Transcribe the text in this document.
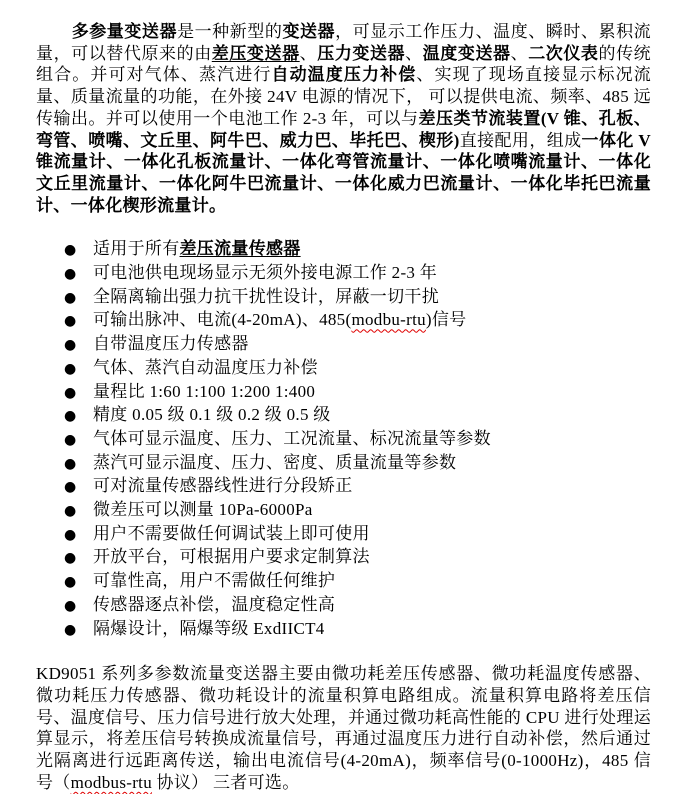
多参量变送器是一种新型的变送器，可显示工作压力、温度、瞬时、累积流量，可以替代原来的由差压变送器、压力变送器、温度变送器、二次仪表的传统组合。并可对气体、蒸汽进行自动温度压力补偿、实现了现场直接显示标况流量、质量流量的功能，在外接 24V 电源的情况下， 可以提供电流、频率、485 远传输出。并可以使用一个电池工作 2-3 年，可以与差压类节流装置(V 锥、孔板、弯管、喷嘴、文丘里、阿牛巴、威力巴、毕托巴、楔形)直接配用，组成一体化 V 锥流量计、一体化孔板流量计、一体化弯管流量计、一体化喷嘴流量计、一体化文丘里流量计、一体化阿牛巴流量计、一体化威力巴流量计、一体化毕托巴流量计、一体化楔形流量计。

● 适用于所有差压流量传感器
● 可电池供电现场显示无须外接电源工作 2-3 年
● 全隔离输出强力抗干扰性设计，屏蔽一切干扰
● 可输出脉冲、电流(4-20mA)、485(modbu-rtu)信号
● 自带温度压力传感器
● 气体、蒸汽自动温度压力补偿
● 量程比 1:60 1:100 1:200 1:400
● 精度 0.05 级 0.1 级 0.2 级 0.5 级
● 气体可显示温度、压力、工况流量、标况流量等参数
● 蒸汽可显示温度、压力、密度、质量流量等参数
● 可对流量传感器线性进行分段矫正
● 微差压可以测量 10Pa-6000Pa
● 用户不需要做任何调试装上即可使用
● 开放平台，可根据用户要求定制算法
● 可靠性高，用户不需做任何维护
● 传感器逐点补偿，温度稳定性高
● 隔爆设计，隔爆等级 ExdIICT4

KD9051 系列多参数流量变送器主要由微功耗差压传感器、微功耗温度传感器、微功耗压力传感器、微功耗设计的流量积算电路组成。流量积算电路将差压信号、温度信号、压力信号进行放大处理，并通过微功耗高性能的 CPU 进行处理运算显示，将差压信号转换成流量信号，再通过温度压力进行自动补偿，然后通过光隔离进行远距离传送，输出电流信号(4-20mA)，频率信号(0-1000Hz)，485 信号（modbus-rtu 协议） 三者可选。
